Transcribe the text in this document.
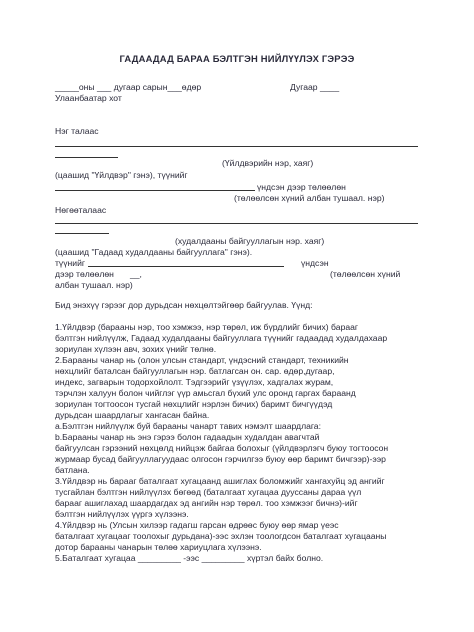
ГАДААДАД БАРАА БЭЛТГЭН НИЙЛҮҮЛЭХ ГЭРЭЭ
_____оны ___ дугаар сарын___өдөр	Дугаар ____
Улаанбаатар хот
Нэг талаас
(Үйлдвэрийн нэр, хаяг)
(цаашид "Үйлдвэр" гэнэ), түүнийг
үндсэн дээр төлөөлөн
(төлөөлсөн хүний албан тушаал. нэр)
Нөгөөталаас
(худалдааны байгууллагын нэр. хаяг)
(цаашид "Гадаад худалдааны байгууллага" гэнэ).
түүнийг	үндсэн
дээр төлөөлөн __,	(төлөөлсөн хүний
албан тушаал. нэр)
Бид энэхүү гэрээг дор дурьдсан нөхцөлтэйгөөр байгуулав. Үүнд:
1.Үйлдвэр (барааны нэр, тоо хэмжээ, нэр төрөл, иж бүрдлийг бичих) барааг
бэлтгэн нийлүүлж, Гадаад худалдааны байгууллага түүнийг гадаадад худалдахаар
зориулан хүлээн авч, зохих үнийг төлнө.
2.Барааны чанар нь (олон улсын стандарт, үндэсний стандарт, техникийн
нөхцлийг баталсан байгууллагын нэр. батлагсан он. сар. өдөр,дугаар,
индекс, загварын тодорхойлолт. Тэдгээрийг үзүүлэх, хадгалах журам,
тэрчлэн халуун болон чийглэг үүр амьсгал бүхий улс оронд гаргах бараанд
зориулан тогтоосон тусгай нөхцлийг нэрлэн бичих) баримт бичгүүдэд
дурьдсан шаардлагыг хангасан байна.
а.Бэлтгэн нийлүүлж буй барааны чанарт тавих нэмэлт шаардлага:
b.Барааны чанар нь энэ гэрээ болон гадаадын худалдан авагчтай
байгуулсан гэрээний нөхцөлд нийцэж байгаа болохыг (үйлдвэрлэгч буюу тогтоосон
журмаар бусад байгууллагуудаас олгосон гэрчилгээ буюу өөр баримт бичгээр)-ээр
батлана.
3.Үйлдвэр нь барааг баталгаат хугацаанд ашиглах боломжийг хангахуйц эд ангийг
тусгайлан бэлтгэн нийлүүлэх бөгөөд (баталгаат хугацаа дууссаны дараа үүл
барааг ашиглахад шаардагдах эд ангийн нэр төрөл. тоо хэмжээг бичнэ)-ийг
бэлтгэн нийлүүлэх үүргэ хүлээнэ.
4.Үйлдвэр нь (Улсын хилээр гадагш гарсан өдрөөс буюу өөр ямар үеэс
баталгаат хугацааг тоолохыг дурьдана)-ээс эхлэн тоологдсон баталгаат хугацааны
дотор барааны чанарын төлөө хариуцлага хүлээнэ.
5.Баталгаат хугацаа _________ -ээс _________ хүртэл байх болно.
